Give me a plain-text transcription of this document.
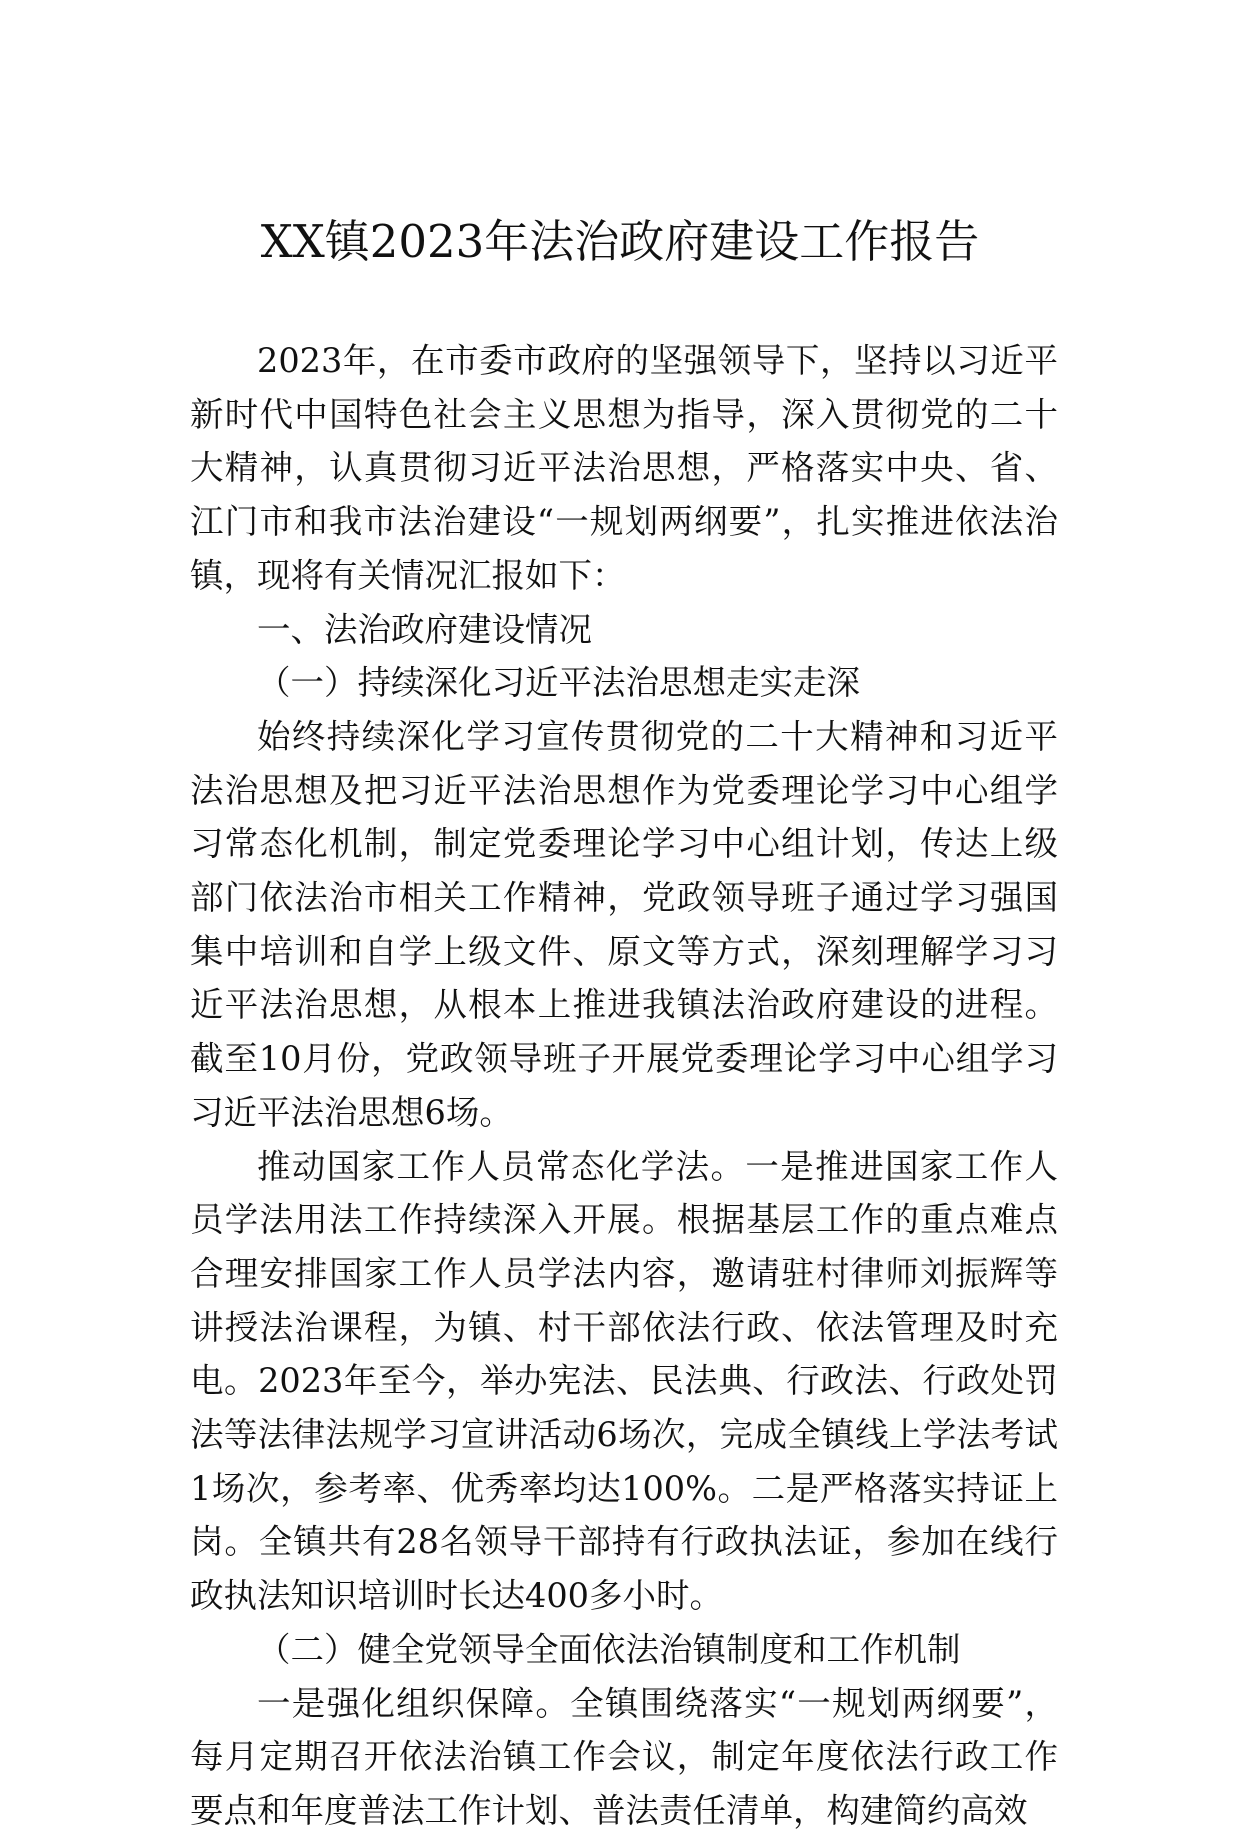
XX镇2023年法治政府建设工作报告

2023年，在市委市政府的坚强领导下，坚持以习近平新时代中国特色社会主义思想为指导，深入贯彻党的二十大精神，认真贯彻习近平法治思想，严格落实中央、省、江门市和我市法治建设“一规划两纲要”，扎实推进依法治镇，现将有关情况汇报如下：

一、法治政府建设情况

（一）持续深化习近平法治思想走实走深

始终持续深化学习宣传贯彻党的二十大精神和习近平法治思想及把习近平法治思想作为党委理论学习中心组学习常态化机制，制定党委理论学习中心组计划，传达上级部门依法治市相关工作精神，党政领导班子通过学习强国集中培训和自学上级文件、原文等方式，深刻理解学习习近平法治思想，从根本上推进我镇法治政府建设的进程。截至10月份，党政领导班子开展党委理论学习中心组学习习近平法治思想6场。

推动国家工作人员常态化学法。一是推进国家工作人员学法用法工作持续深入开展。根据基层工作的重点难点合理安排国家工作人员学法内容，邀请驻村律师刘振辉等讲授法治课程，为镇、村干部依法行政、依法管理及时充电。2023年至今，举办宪法、民法典、行政法、行政处罚法等法律法规学习宣讲活动6场次，完成全镇线上学法考试1场次，参考率、优秀率均达100%。二是严格落实持证上岗。全镇共有28名领导干部持有行政执法证，参加在线行政执法知识培训时长达400多小时。

（二）健全党领导全面依法治镇制度和工作机制

一是强化组织保障。全镇围绕落实“一规划两纲要”，每月定期召开依法治镇工作会议，制定年度依法行政工作要点和年度普法工作计划、普法责任清单，构建简约高效
